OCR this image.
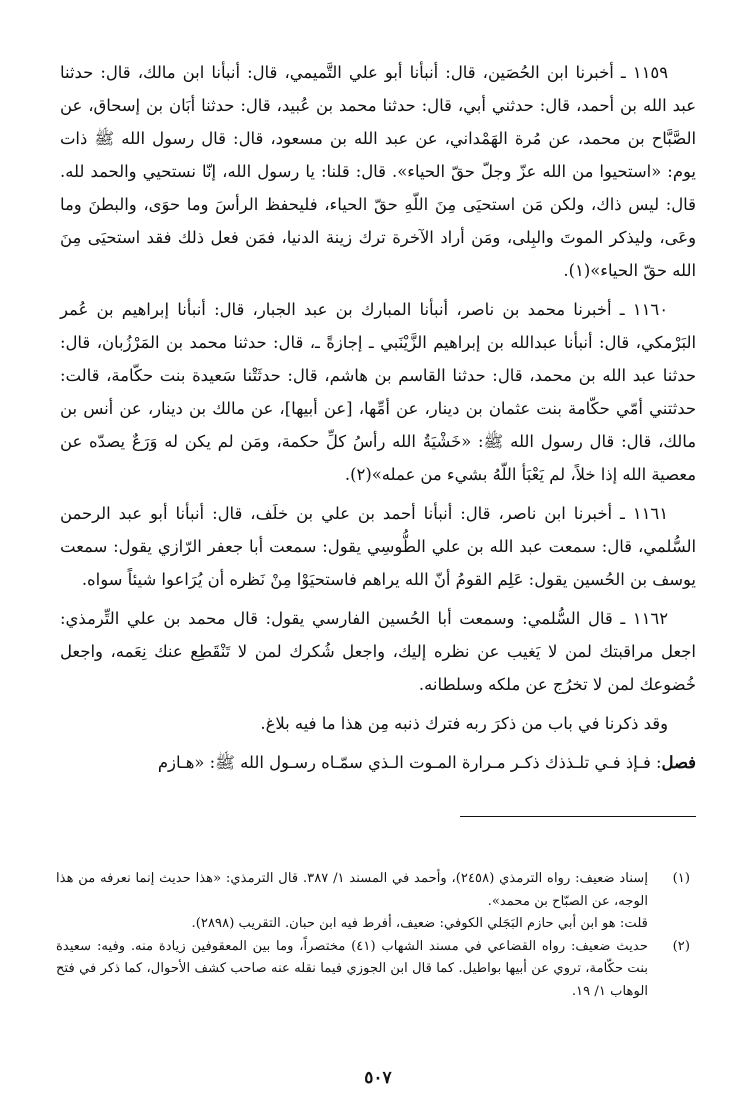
١١٥٩ ـ أخبرنا ابن الحُصَين، قال: أنبأنا أبو علي التَّميمي، قال: أنبأنا ابن مالك، قال: حدثنا عبد الله بن أحمد، قال: حدثني أبي، قال: حدثنا محمد بن عُبيد، قال: حدثنا أبَان بن إسحاق، عن الصَّبَّاح بن محمد، عن مُرة الهَمْداني، عن عبد الله بن مسعود، قال: قال رسول الله ﷺ ذات يوم: «استحيوا من الله عزّ وجلّ حقّ الحياء». قال: قلنا: يا رسول الله، إنّا نستحيي والحمد لله. قال: ليس ذاك، ولكن مَن استحيَى مِنَ اللّهِ حقّ الحياء، فليحفظ الرأسَ وما حوَى، والبطنَ وما وعَى، وليذكر الموتَ والبِلى، ومَن أراد الآخرة ترك زينة الدنيا، فمَن فعل ذلك فقد استحيَى مِنَ الله حقّ الحياء»(١).

١١٦٠ ـ أخبرنا محمد بن ناصر، أنبأنا المبارك بن عبد الجبار، قال: أنبأنا إبراهيم بن عُمر البَرْمكي، قال: أنبأنا عبدالله بن إبراهيم الزَّيْنَبي ـ إجازةً ـ، قال: حدثنا محمد بن المَرْزُبان، قال: حدثنا عبد الله بن محمد، قال: حدثنا القاسم بن هاشم، قال: حدثَتْنا سَعيدة بنت حكّامة، قالت: حدثتني أمّي حكّامة بنت عثمان بن دينار، عن أمِّها، [عن أبيها]، عن مالك بن دينار، عن أنس بن مالك، قال: قال رسول الله ﷺ: «خَشْيَةُ الله رأسُ كلِّ حكمة، ومَن لم يكن له وَرَعٌ يصدّه عن معصية الله إذا خلاً، لم يَعْبَأ اللّهُ بشيء من عمله»(٢).

١١٦١ ـ أخبرنا ابن ناصر، قال: أنبأنا أحمد بن علي بن خلَف، قال: أنبأنا أبو عبد الرحمن السُّلمي، قال: سمعت عبد الله بن علي الطُّوسِي يقول: سمعت أبا جعفر الرّازي يقول: سمعت يوسف بن الحُسين يقول: عَلِم القومُ أنّ الله يراهم فاستحيَوْا مِنْ نَظره أن يُرَاعوا شيئاً سواه.

١١٦٢ ـ قال السُّلمي: وسمعت أبا الحُسين الفارسي يقول: قال محمد بن علي التِّرمذي: اجعل مراقبتك لمن لا يَغيب عن نظره إليك، واجعل شُكرك لمن لا تَنْقَطِع عنك نِعَمه، واجعل خُضوعك لمن لا تخرُج عن ملكه وسلطانه.

وقد ذكرنا في باب من ذكرَ ربه فترك ذنبه مِن هذا ما فيه بلاغ.

فصل: فـإذ فـي تلـذذك ذكـر مـرارة المـوت الـذي سمّـاه رسـول الله ﷺ: «هـازم

(١)
إسناد ضعيف: رواه الترمذي (٢٤٥٨)، وأحمد في المسند ١/ ٣٨٧. قال الترمذي: «هذا حديث إنما نعرفه من هذا الوجه، عن الصبّاح بن محمد».
قلت: هو ابن أبي حازم البَجَلي الكوفي: ضعيف، أفرط فيه ابن حبان. التقريب (٢٨٩٨).
(٢)
حديث ضعيف: رواه القضاعي في مسند الشهاب (٤١) مختصراً، وما بين المعقوفين زيادة منه. وفيه: سعيدة بنت حكّامة، تروي عن أبيها بواطيل. كما قال ابن الجوزي فيما نقله عنه صاحب كشف الأحوال، كما ذكر في فتح الوهاب ١/ ١٩.
٥٠٧
